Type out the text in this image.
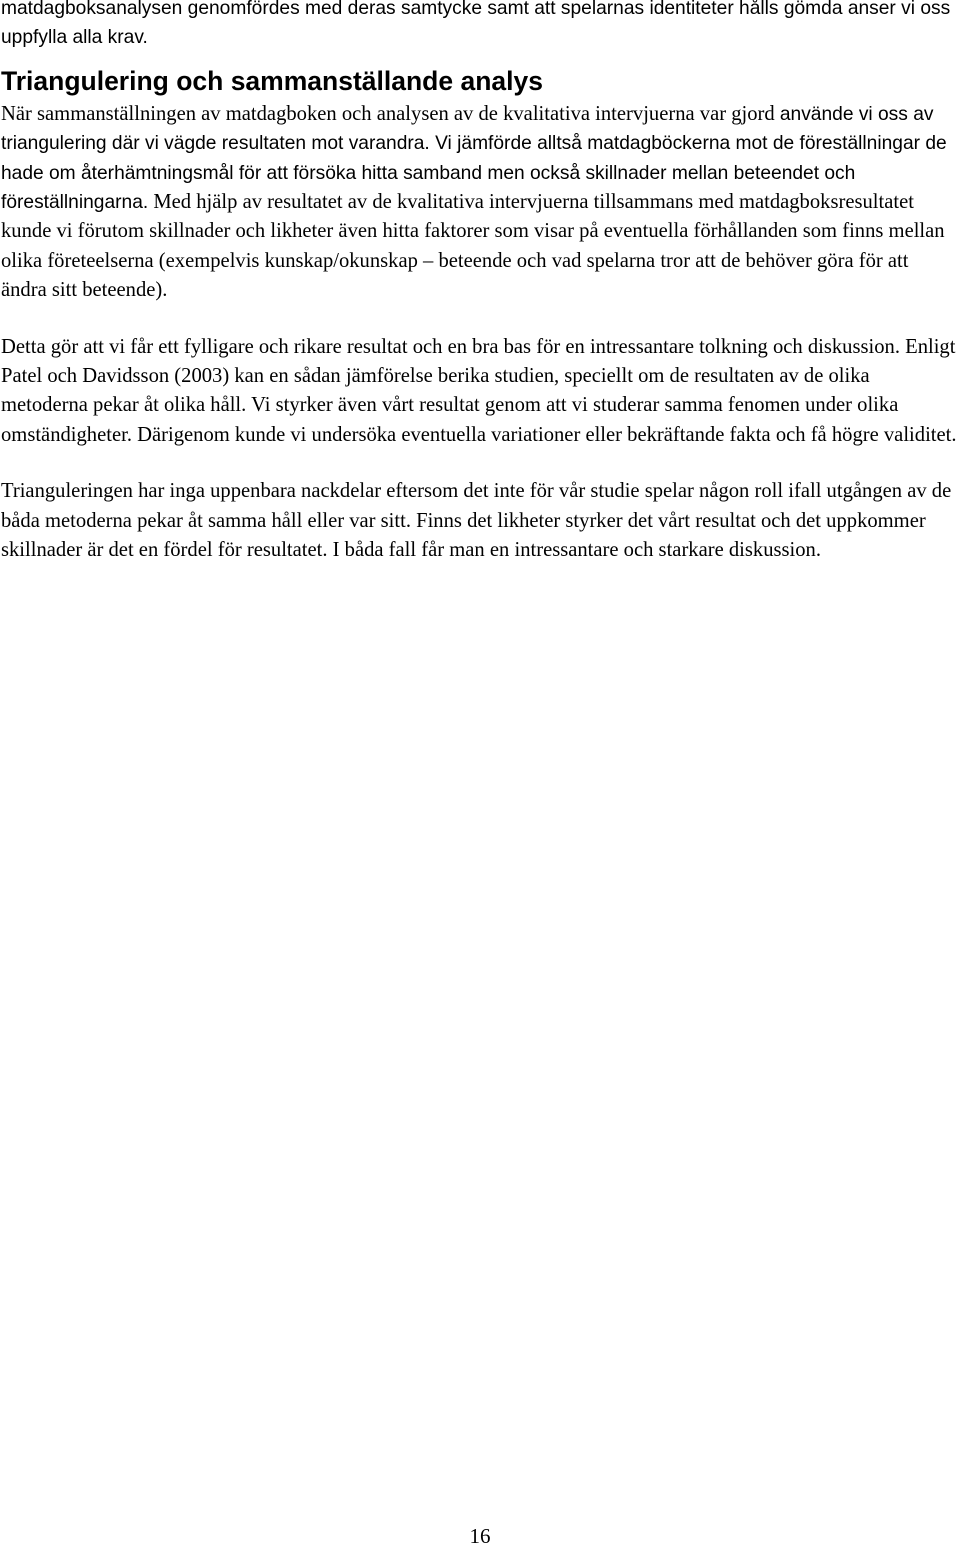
matdagboksanalysen genomfördes med deras samtycke samt att spelarnas identiteter hålls gömda anser vi oss uppfylla alla krav.

Triangulering och sammanställande analys

När sammanställningen av matdagboken och analysen av de kvalitativa intervjuerna var gjord använde vi oss av triangulering där vi vägde resultaten mot varandra. Vi jämförde alltså matdagböckerna mot de föreställningar de hade om återhämtningsmål för att försöka hitta samband men också skillnader mellan beteendet och föreställningarna. Med hjälp av resultatet av de kvalitativa intervjuerna tillsammans med matdagboksresultatet kunde vi förutom skillnader och likheter även hitta faktorer som visar på eventuella förhållanden som finns mellan olika företeelserna (exempelvis kunskap/okunskap – beteende och vad spelarna tror att de behöver göra för att ändra sitt beteende).

Detta gör att vi får ett fylligare och rikare resultat och en bra bas för en intressantare tolkning och diskussion. Enligt Patel och Davidsson (2003) kan en sådan jämförelse berika studien, speciellt om de resultaten av de olika metoderna pekar åt olika håll. Vi styrker även vårt resultat genom att vi studerar samma fenomen under olika omständigheter. Därigenom kunde vi undersöka eventuella variationer eller bekräftande fakta och få högre validitet.

Trianguleringen har inga uppenbara nackdelar eftersom det inte för vår studie spelar någon roll ifall utgången av de båda metoderna pekar åt samma håll eller var sitt. Finns det likheter styrker det vårt resultat och det uppkommer skillnader är det en fördel för resultatet. I båda fall får man en intressantare och starkare diskussion.

16
